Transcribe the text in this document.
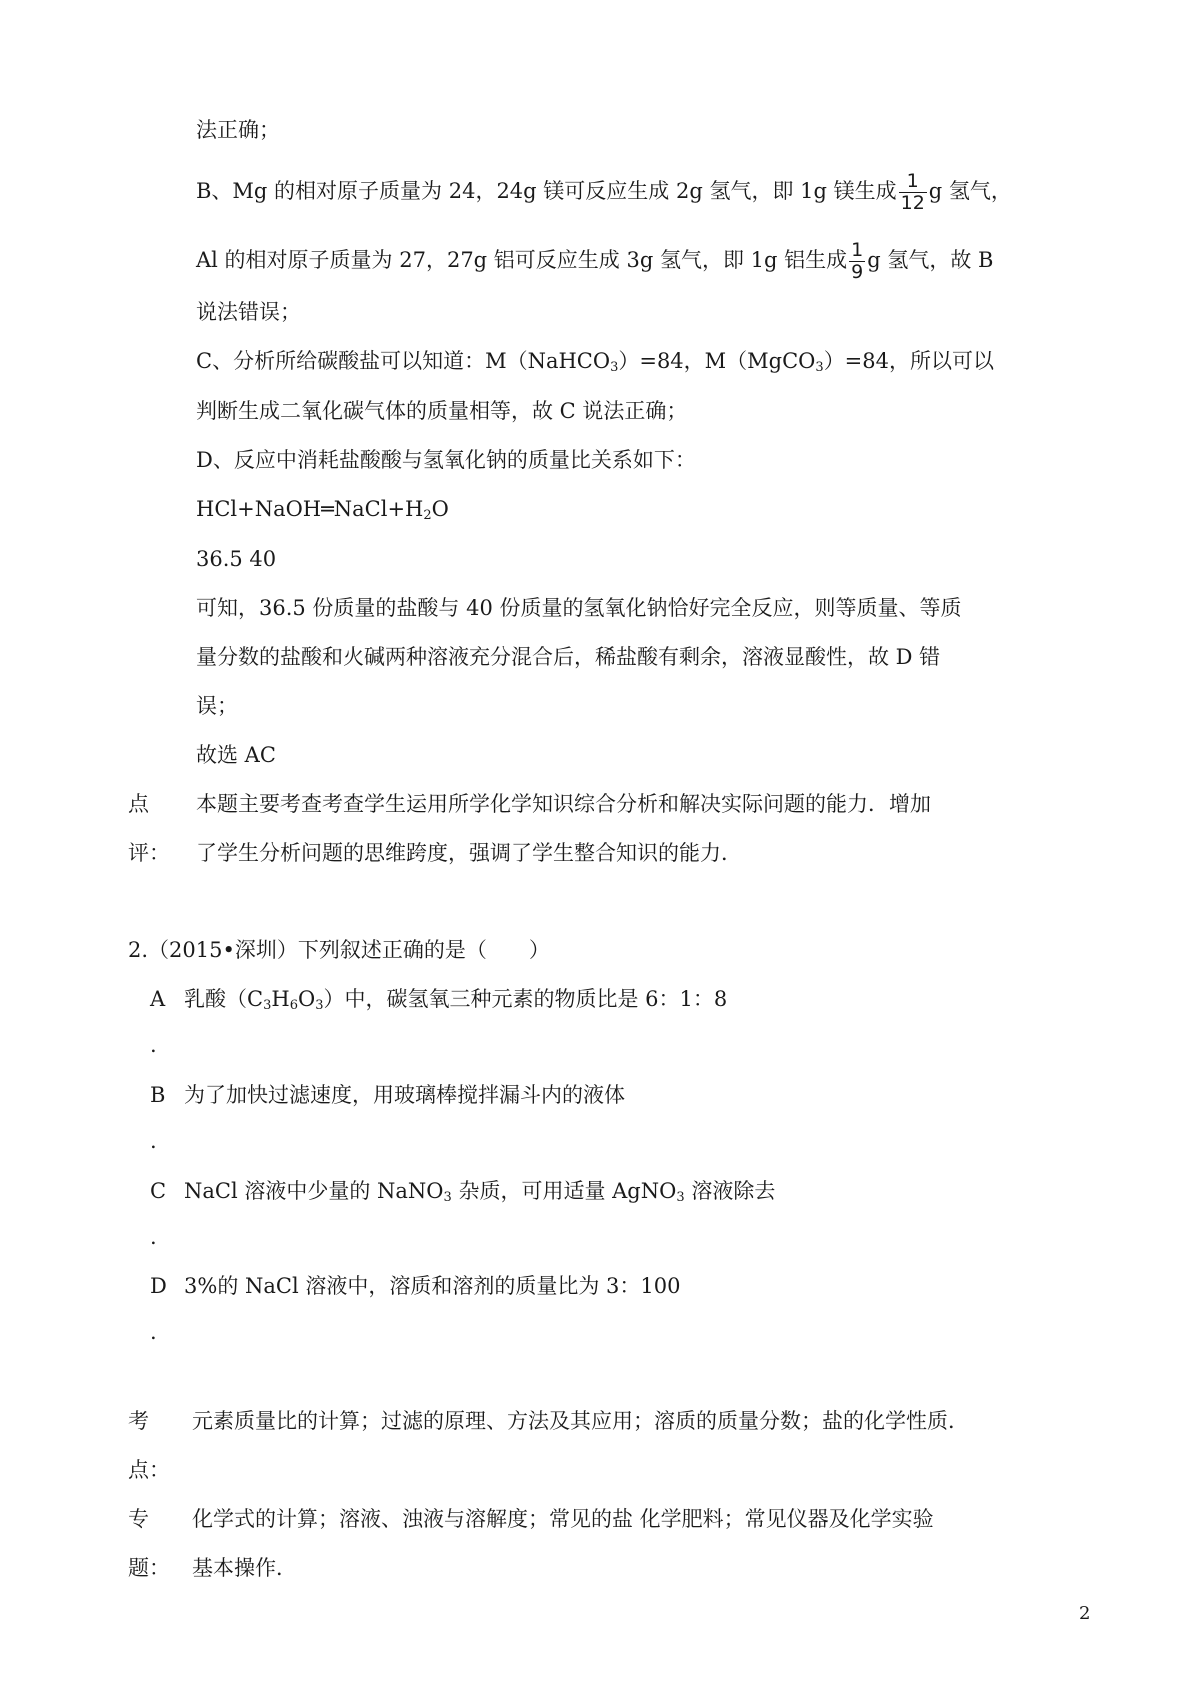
法正确；
B、Mg 的相对原子质量为 24，24g 镁可反应生成 2g 氢气，即 1g 镁生成 $\frac{1}{12}$ g 氢气，
Al 的相对原子质量为 27，27g 铝可反应生成 3g 氢气，即 1g 铝生成 $\frac{1}{9}$ g 氢气，故 B
说法错误；
C、分析所给碳酸盐可以知道：M（NaHCO$_3$）=84，M（MgCO$_3$）=84，所以可以
判断生成二氧化碳气体的质量相等，故 C 说法正确；
D、反应中消耗盐酸酸与氢氧化钠的质量比关系如下：
$HCl+NaOH═NaCl+H_2O$
36.5 40
可知，36.5 份质量的盐酸与 40 份质量的氢氧化钠恰好完全反应，则等质量、等质
量分数的盐酸和火碱两种溶液充分混合后，稀盐酸有剩余，溶液显酸性，故 D 错
误；
故选 AC
点 本题主要考查考查学生运用所学化学知识综合分析和解决实际问题的能力．增加
评： 了学生分析问题的思维跨度，强调了学生整合知识的能力．
2.（2015•深圳）下列叙述正确的是（　　）
A 乳酸$(C_3H_6O_3)$中，碳氢氧三种元素的物质比是 6：1：8
.
B 为了加快过滤速度，用玻璃棒搅拌漏斗内的液体
.
C NaCl 溶液中少量的 NaNO$_3$ 杂质，可用适量 AgNO$_3$ 溶液除去
.
D 3%的 NaCl 溶液中，溶质和溶剂的质量比为 3：100
.
考 元素质量比的计算；过滤的原理、方法及其应用；溶质的质量分数；盐的化学性质．
点：
专 化学式的计算；溶液、浊液与溶解度；常见的盐 化学肥料；常见仪器及化学实验
题： 基本操作．
2
